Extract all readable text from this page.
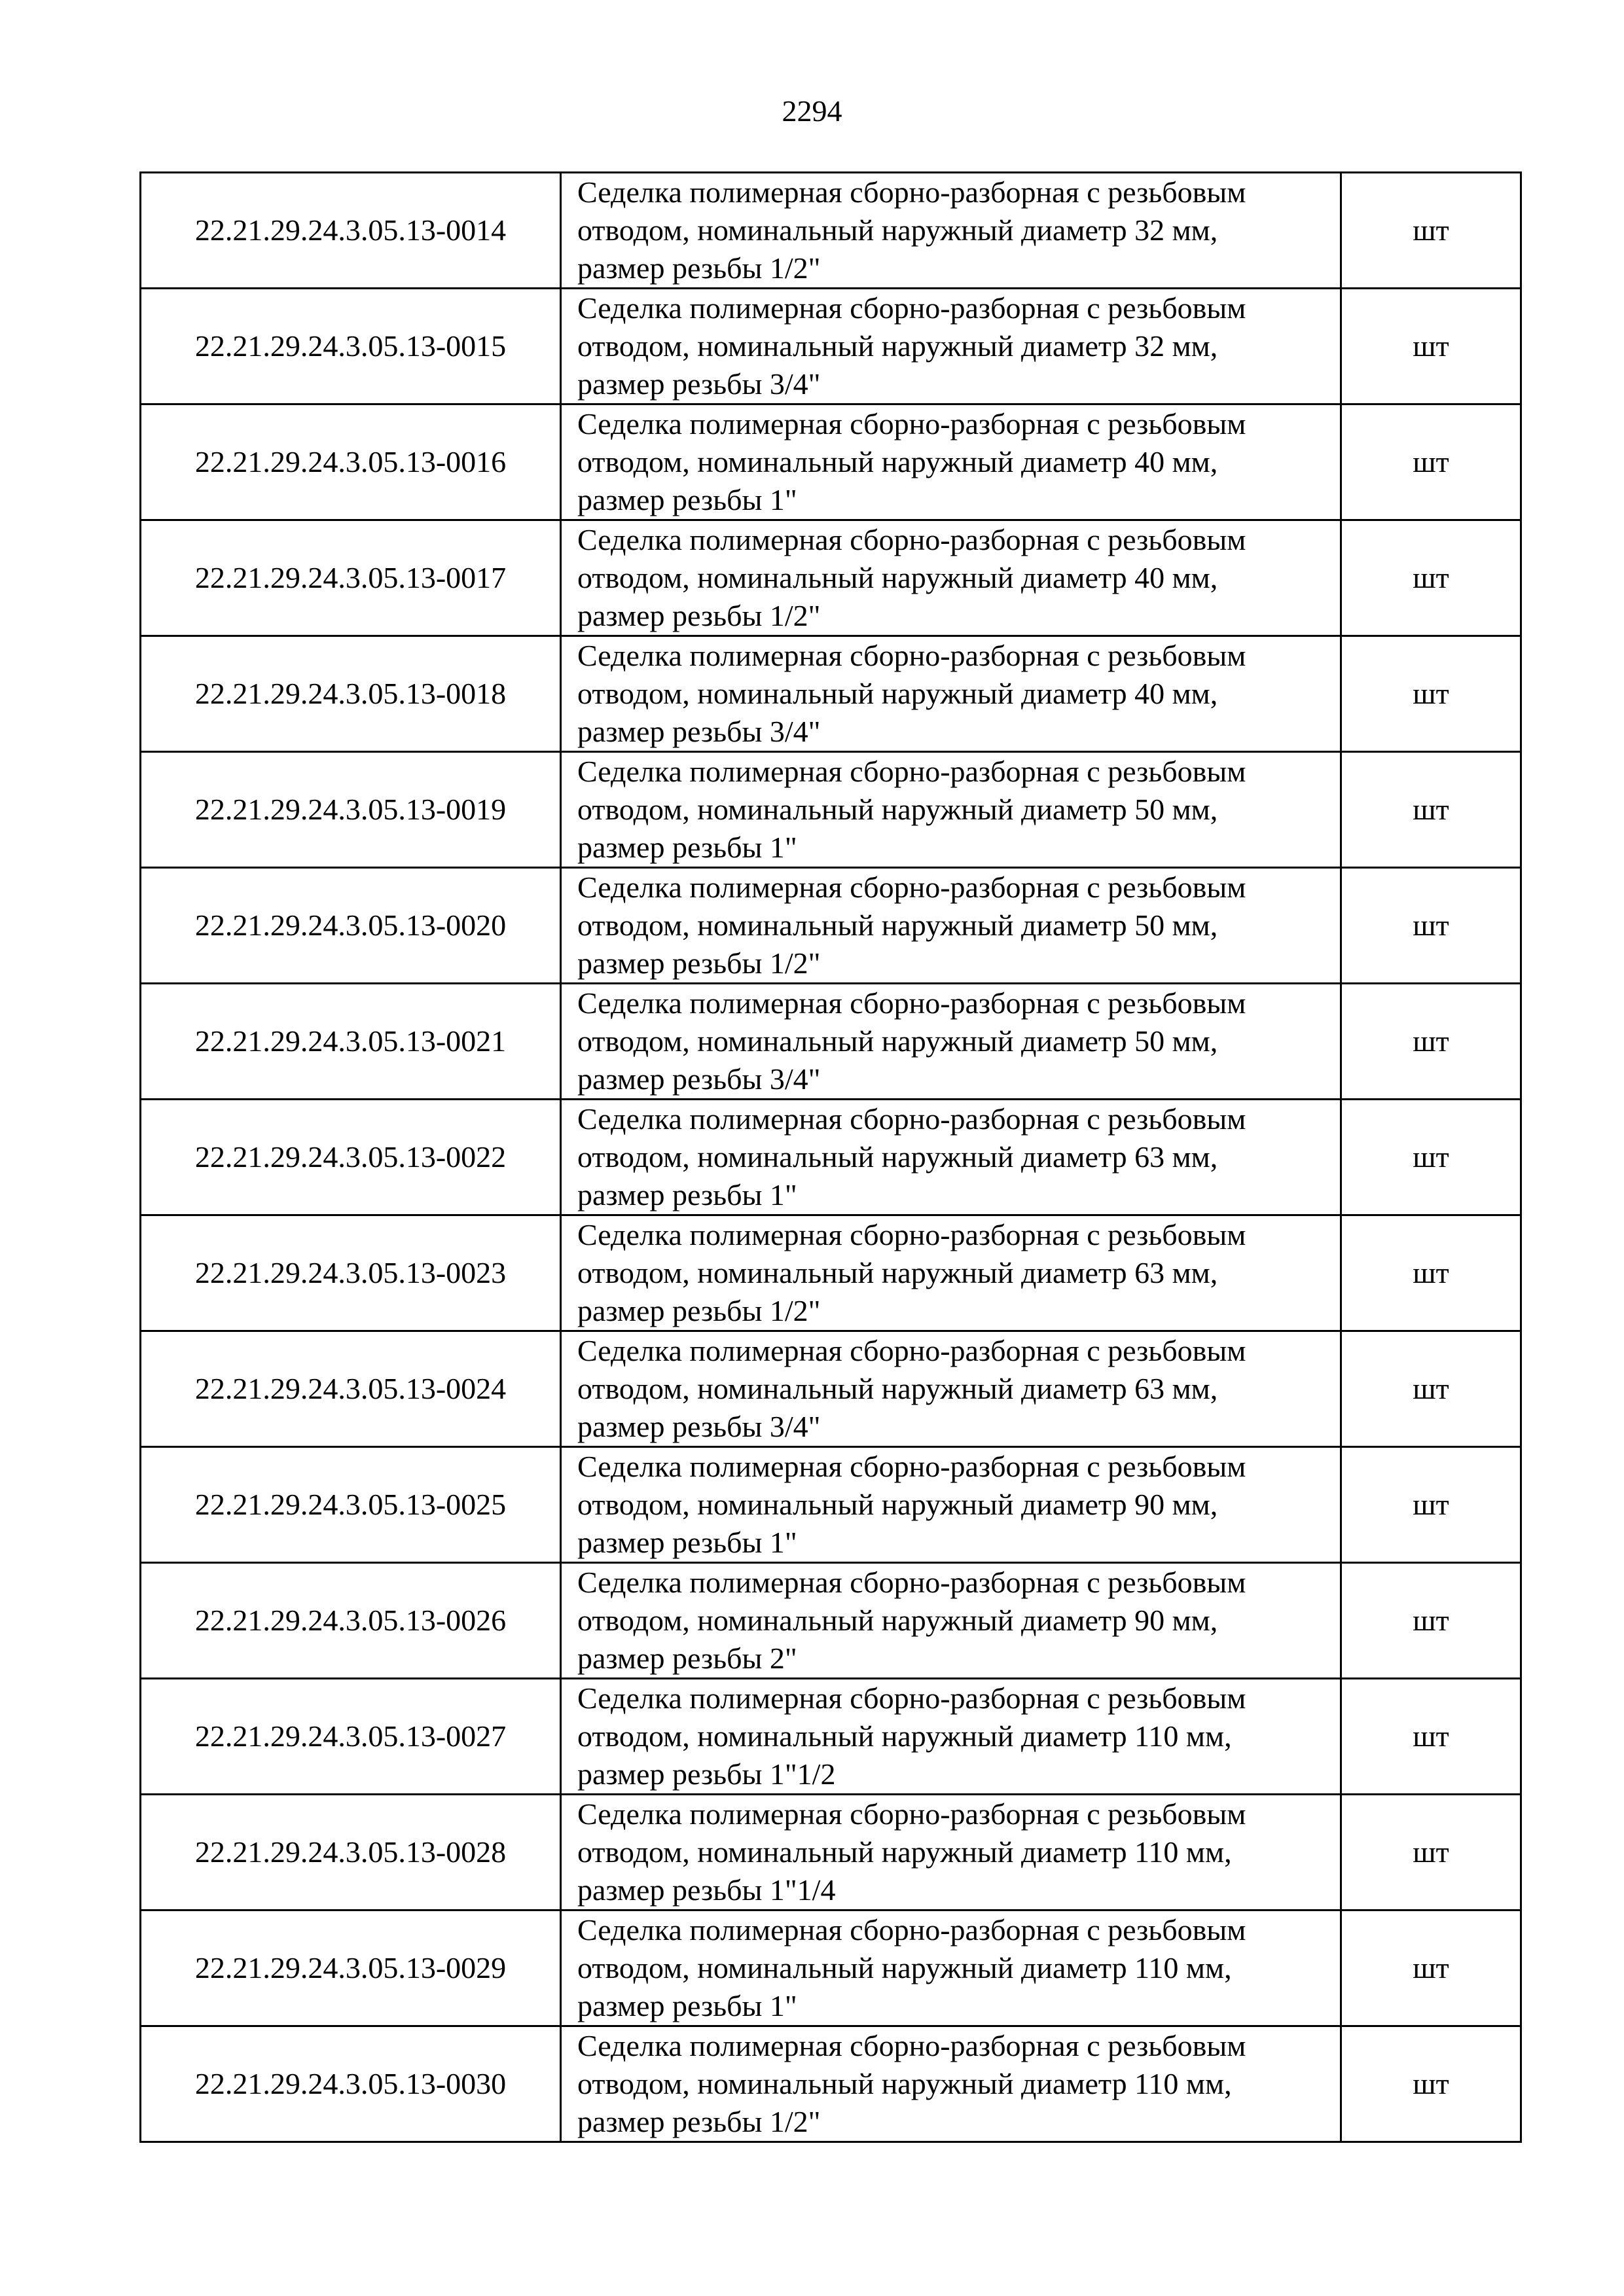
2294
22.21.29.24.3.05.13-0014	Седелка полимерная сборно-разборная с резьбовым
отводом, номинальный наружный диаметр 32 мм,
размер резьбы 1/2"	шт
22.21.29.24.3.05.13-0015	Седелка полимерная сборно-разборная с резьбовым
отводом, номинальный наружный диаметр 32 мм,
размер резьбы 3/4"	шт
22.21.29.24.3.05.13-0016	Седелка полимерная сборно-разборная с резьбовым
отводом, номинальный наружный диаметр 40 мм,
размер резьбы 1"	шт
22.21.29.24.3.05.13-0017	Седелка полимерная сборно-разборная с резьбовым
отводом, номинальный наружный диаметр 40 мм,
размер резьбы 1/2"	шт
22.21.29.24.3.05.13-0018	Седелка полимерная сборно-разборная с резьбовым
отводом, номинальный наружный диаметр 40 мм,
размер резьбы 3/4"	шт
22.21.29.24.3.05.13-0019	Седелка полимерная сборно-разборная с резьбовым
отводом, номинальный наружный диаметр 50 мм,
размер резьбы 1"	шт
22.21.29.24.3.05.13-0020	Седелка полимерная сборно-разборная с резьбовым
отводом, номинальный наружный диаметр 50 мм,
размер резьбы 1/2"	шт
22.21.29.24.3.05.13-0021	Седелка полимерная сборно-разборная с резьбовым
отводом, номинальный наружный диаметр 50 мм,
размер резьбы 3/4"	шт
22.21.29.24.3.05.13-0022	Седелка полимерная сборно-разборная с резьбовым
отводом, номинальный наружный диаметр 63 мм,
размер резьбы 1"	шт
22.21.29.24.3.05.13-0023	Седелка полимерная сборно-разборная с резьбовым
отводом, номинальный наружный диаметр 63 мм,
размер резьбы 1/2"	шт
22.21.29.24.3.05.13-0024	Седелка полимерная сборно-разборная с резьбовым
отводом, номинальный наружный диаметр 63 мм,
размер резьбы 3/4"	шт
22.21.29.24.3.05.13-0025	Седелка полимерная сборно-разборная с резьбовым
отводом, номинальный наружный диаметр 90 мм,
размер резьбы 1"	шт
22.21.29.24.3.05.13-0026	Седелка полимерная сборно-разборная с резьбовым
отводом, номинальный наружный диаметр 90 мм,
размер резьбы 2"	шт
22.21.29.24.3.05.13-0027	Седелка полимерная сборно-разборная с резьбовым
отводом, номинальный наружный диаметр 110 мм,
размер резьбы 1"1/2	шт
22.21.29.24.3.05.13-0028	Седелка полимерная сборно-разборная с резьбовым
отводом, номинальный наружный диаметр 110 мм,
размер резьбы 1"1/4	шт
22.21.29.24.3.05.13-0029	Седелка полимерная сборно-разборная с резьбовым
отводом, номинальный наружный диаметр 110 мм,
размер резьбы 1"	шт
22.21.29.24.3.05.13-0030	Седелка полимерная сборно-разборная с резьбовым
отводом, номинальный наружный диаметр 110 мм,
размер резьбы 1/2"	шт
